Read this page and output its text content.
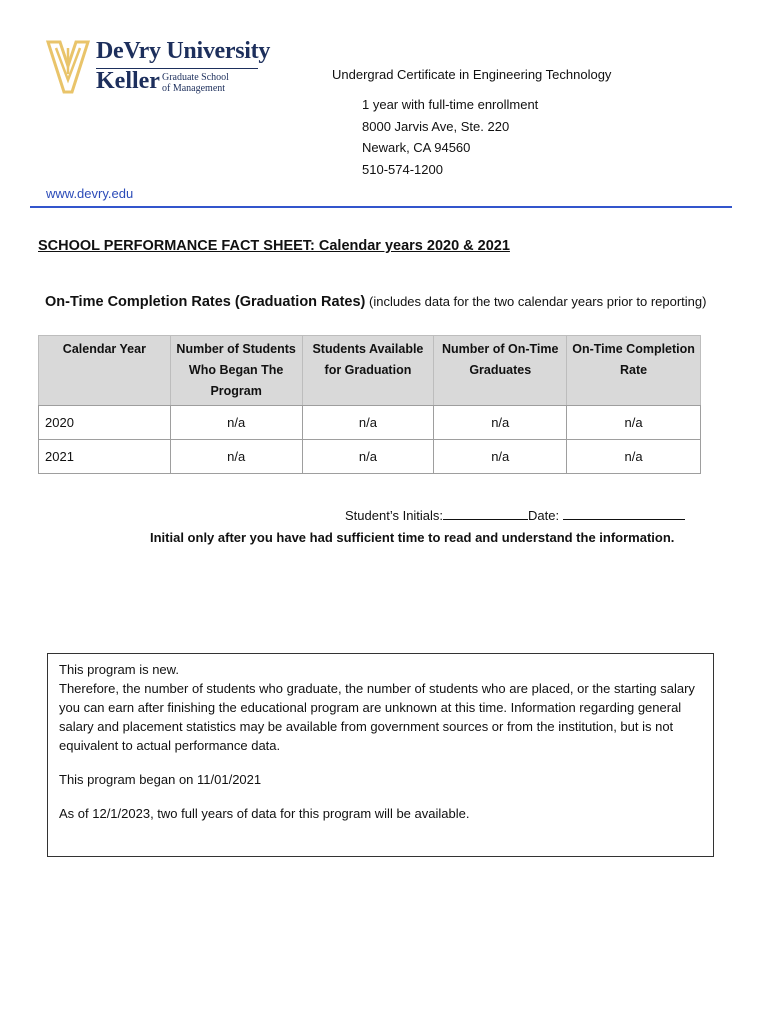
DeVry University
Keller Graduate School
of Management
Undergrad Certificate in Engineering Technology
1 year with full-time enrollment
8000 Jarvis Ave, Ste. 220
Newark, CA 94560
510-574-1200
www.devry.edu
SCHOOL PERFORMANCE FACT SHEET: Calendar years 2020 & 2021
On-Time Completion Rates (Graduation Rates) (includes data for the two calendar years prior to reporting)
Calendar Year	Number of Students Who Began The Program	Students Available for Graduation	Number of On-Time Graduates	On-Time Completion Rate
2020	n/a	n/a	n/a	n/a
2021	n/a	n/a	n/a	n/a
Student’s Initials:	Date:
Initial only after you have had sufficient time to read and understand the information.

This program is new.

Therefore, the number of students who graduate, the number of students who are placed, or the starting salary you can earn after finishing the educational program are unknown at this time. Information regarding general salary and placement statistics may be available from government sources or from the institution, but is not equivalent to actual performance data.

This program began on 11/01/2021

As of 12/1/2023, two full years of data for this program will be available.
